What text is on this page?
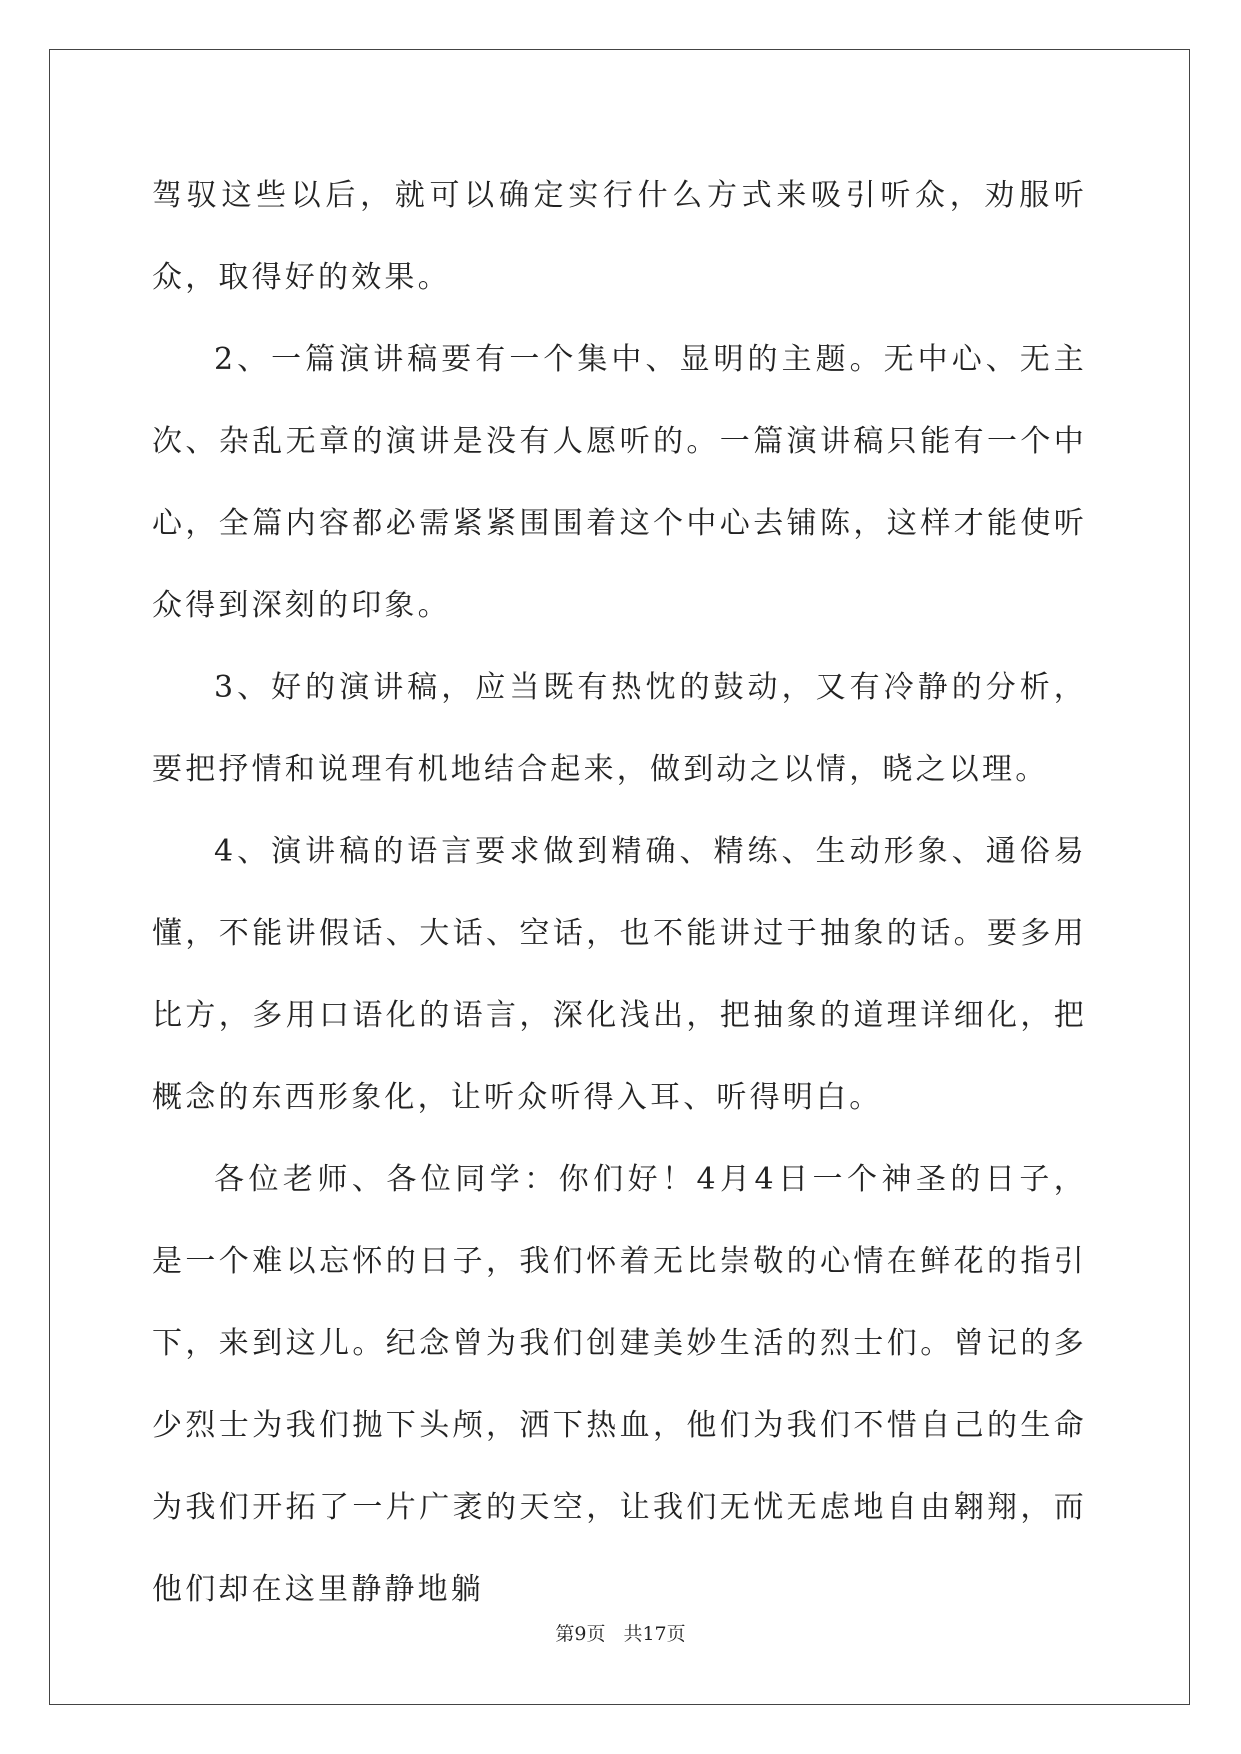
驾驭这些以后，就可以确定实行什么方式来吸引听众，劝服听众，取得好的效果。

2、一篇演讲稿要有一个集中、显明的主题。无中心、无主次、杂乱无章的演讲是没有人愿听的。一篇演讲稿只能有一个中心，全篇内容都必需紧紧围围着这个中心去铺陈，这样才能使听众得到深刻的印象。

3、好的演讲稿，应当既有热忱的鼓动，又有冷静的分析，要把抒情和说理有机地结合起来，做到动之以情，晓之以理。

4、演讲稿的语言要求做到精确、精练、生动形象、通俗易懂，不能讲假话、大话、空话，也不能讲过于抽象的话。要多用比方，多用口语化的语言，深化浅出，把抽象的道理详细化，把概念的东西形象化，让听众听得入耳、听得明白。

各位老师、各位同学：你们好！4月4日一个神圣的日子，是一个难以忘怀的日子，我们怀着无比崇敬的心情在鲜花的指引下，来到这儿。纪念曾为我们创建美妙生活的烈士们。曾记的多少烈士为我们抛下头颅，洒下热血，他们为我们不惜自己的生命为我们开拓了一片广袤的天空，让我们无忧无虑地自由翱翔，而他们却在这里静静地躺

第9页 共17页
